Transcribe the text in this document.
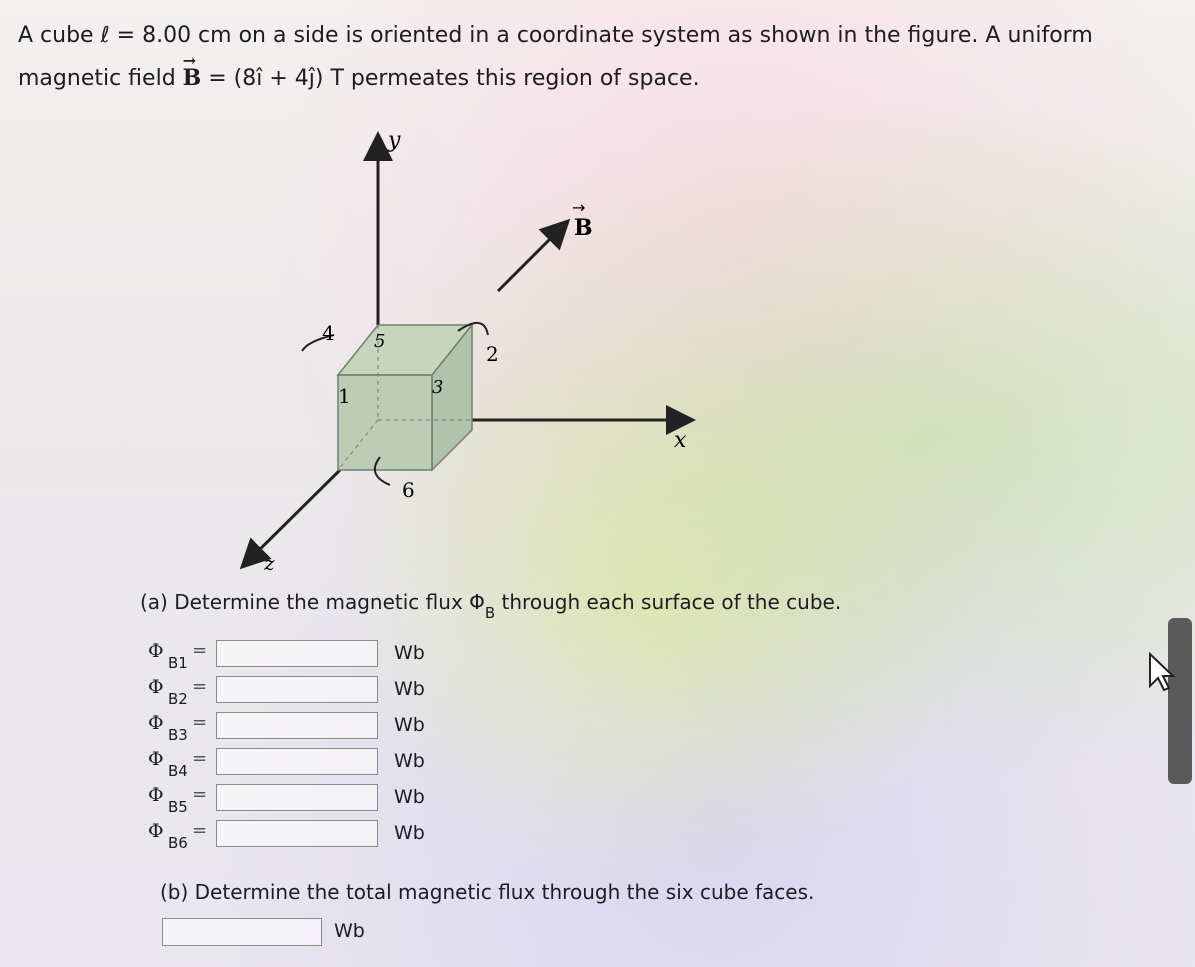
A cube ℓ = 8.00 cm on a side is oriented in a coordinate system as shown in the figure. A uniform
magnetic field → B = (8î + 4ĵ) T permeates this region of space.
y
x
z
B
→
4 5
2
1	3
6
(a) Determine the magnetic flux $\Phi_B$ through each surface of the cube.
Φ
B1
=	Wb
Φ
B2
=	Wb
Φ
B3
=	Wb
Φ
B4
=	Wb
Φ
B5
=	Wb
Φ
B6
=	Wb
(b) Determine the total magnetic flux through the six cube faces.
Wb
